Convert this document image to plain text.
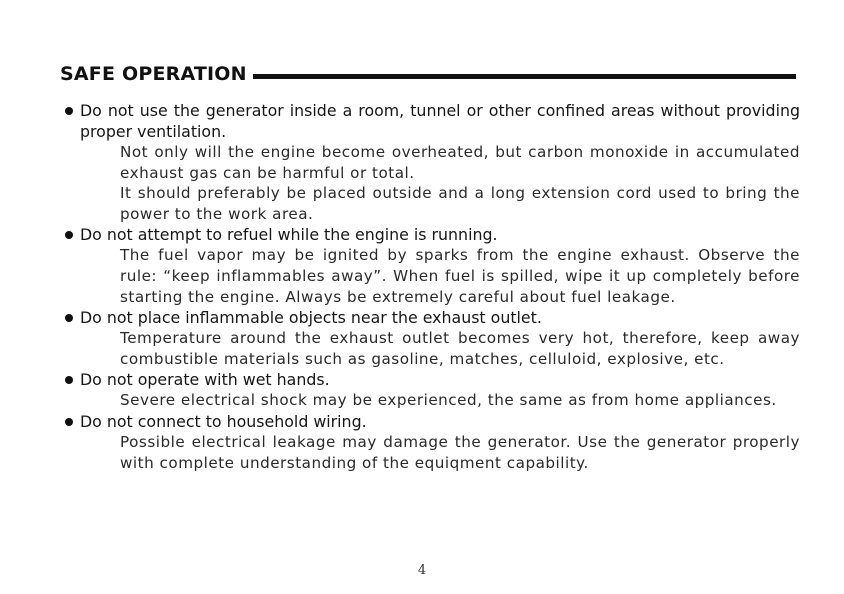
SAFE OPERATION
Do not use the generator inside a room, tunnel or other confined areas without providing proper ventilation.
Not only will the engine become overheated, but carbon monoxide in accumulated exhaust gas can be harmful or total.
It should preferably be placed outside and a long extension cord used to bring the power to the work area.
Do not attempt to refuel while the engine is running.
The fuel vapor may be ignited by sparks from the engine exhaust. Observe the rule: “keep inflammables away”. When fuel is spilled, wipe it up completely before starting the engine. Always be extremely careful about fuel leakage.
Do not place inflammable objects near the exhaust outlet.
Temperature around the exhaust outlet becomes very hot, therefore, keep away combustible materials such as gasoline, matches, celluloid, explosive, etc.
Do not operate with wet hands.
Severe electrical shock may be experienced, the same as from home appliances.
Do not connect to household wiring.
Possible electrical leakage may damage the generator. Use the generator properly with complete understanding of the equiqment capability.
4
